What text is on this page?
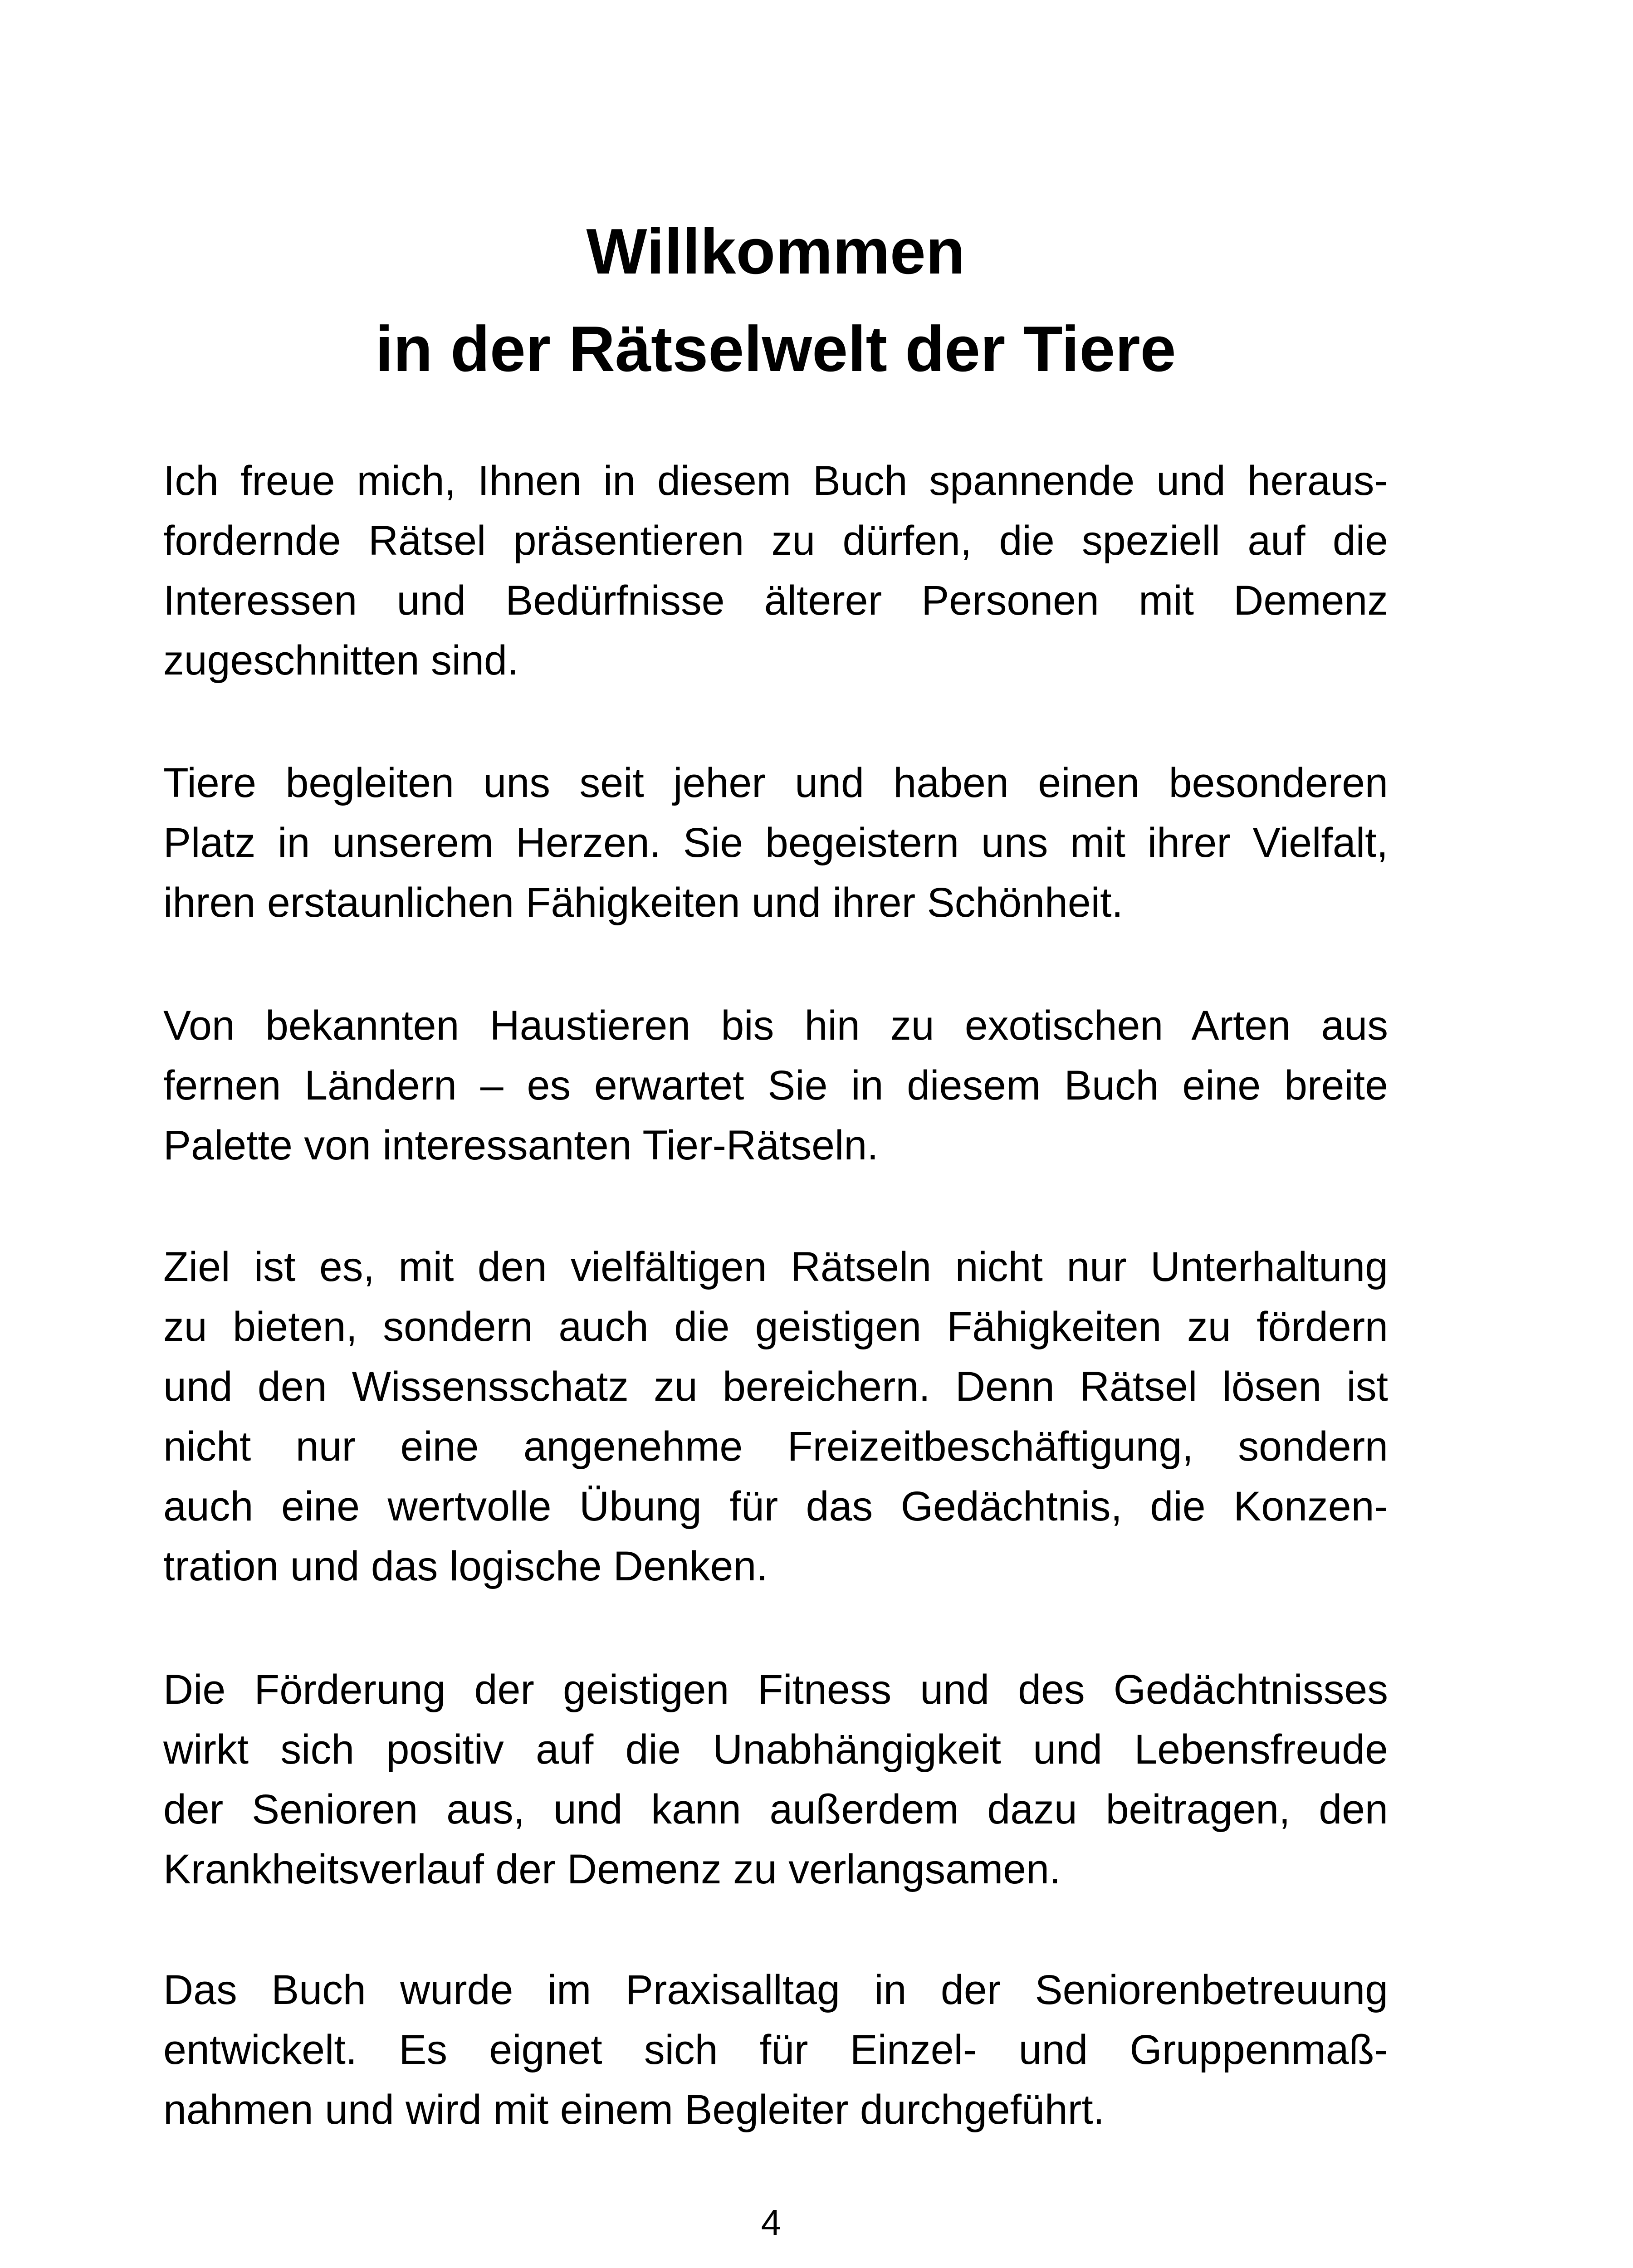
Willkommen
in der Rätselwelt der Tiere
Ich freue mich, Ihnen in diesem Buch spannende und heraus-
fordernde Rätsel präsentieren zu dürfen, die speziell auf die
Interessen und Bedürfnisse älterer Personen mit Demenz
zugeschnitten sind.
Tiere begleiten uns seit jeher und haben einen besonderen
Platz in unserem Herzen. Sie begeistern uns mit ihrer Vielfalt,
ihren erstaunlichen Fähigkeiten und ihrer Schönheit.
Von bekannten Haustieren bis hin zu exotischen Arten aus
fernen Ländern – es erwartet Sie in diesem Buch eine breite
Palette von interessanten Tier-Rätseln.
Ziel ist es, mit den vielfältigen Rätseln nicht nur Unterhaltung
zu bieten, sondern auch die geistigen Fähigkeiten zu fördern
und den Wissensschatz zu bereichern. Denn Rätsel lösen ist
nicht nur eine angenehme Freizeitbeschäftigung, sondern
auch eine wertvolle Übung für das Gedächtnis, die Konzen-
tration und das logische Denken.
Die Förderung der geistigen Fitness und des Gedächtnisses
wirkt sich positiv auf die Unabhängigkeit und Lebensfreude
der Senioren aus, und kann außerdem dazu beitragen, den
Krankheitsverlauf der Demenz zu verlangsamen.
Das Buch wurde im Praxisalltag in der Seniorenbetreuung
entwickelt. Es eignet sich für Einzel- und Gruppenmaß-
nahmen und wird mit einem Begleiter durchgeführt.
4
